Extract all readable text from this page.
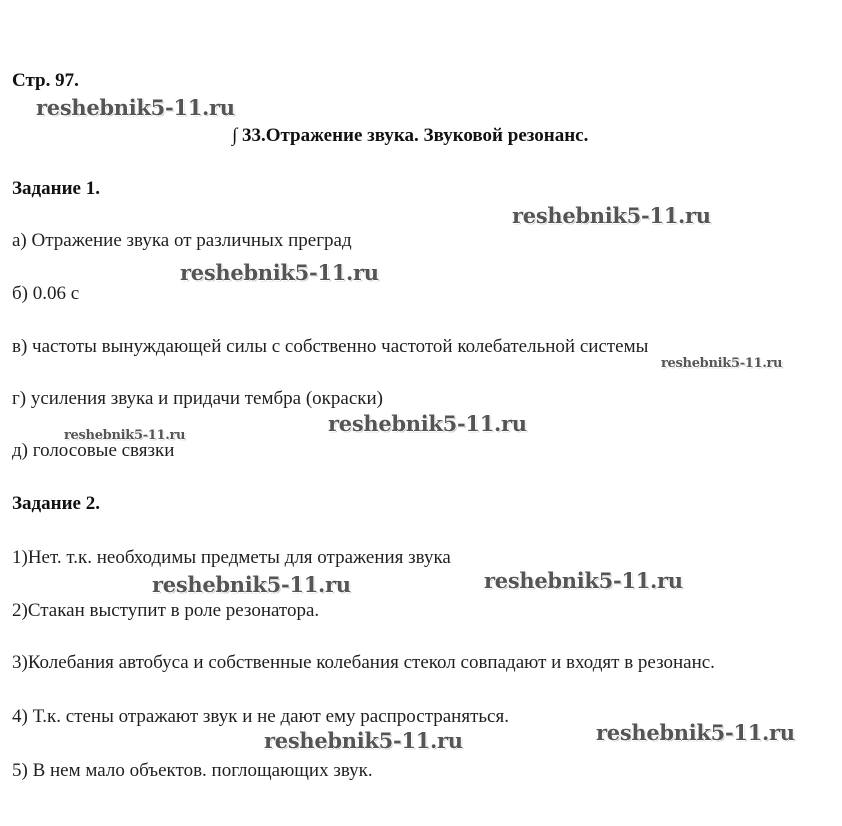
Стр. 97.
∫ 33.Отражение звука. Звуковой резонанс.
Задание 1.
а) Отражение звука от различных преград
б) 0.06 с
в) частоты вынуждающей силы с собственно частотой колебательной системы
г) усиления звука и придачи тембра (окраски)
д) голосовые связки
Задание 2.
1)Нет. т.к. необходимы предметы для отражения звука
2)Стакан выступит в роле резонатора.
3)Колебания автобуса и собственные колебания стекол совпадают и входят в резонанс.
4) Т.к. стены отражают звук и не дают ему распространяться.
5) В нем мало объектов. поглощающих звук.
reshebnik5-11.ru
reshebnik5-11.ru
reshebnik5-11.ru
reshebnik5-11.ru
reshebnik5-11.ru
reshebnik5-11.ru
reshebnik5-11.ru	reshebnik5-11.ru
reshebnik5-11.ru
reshebnik5-11.ru
